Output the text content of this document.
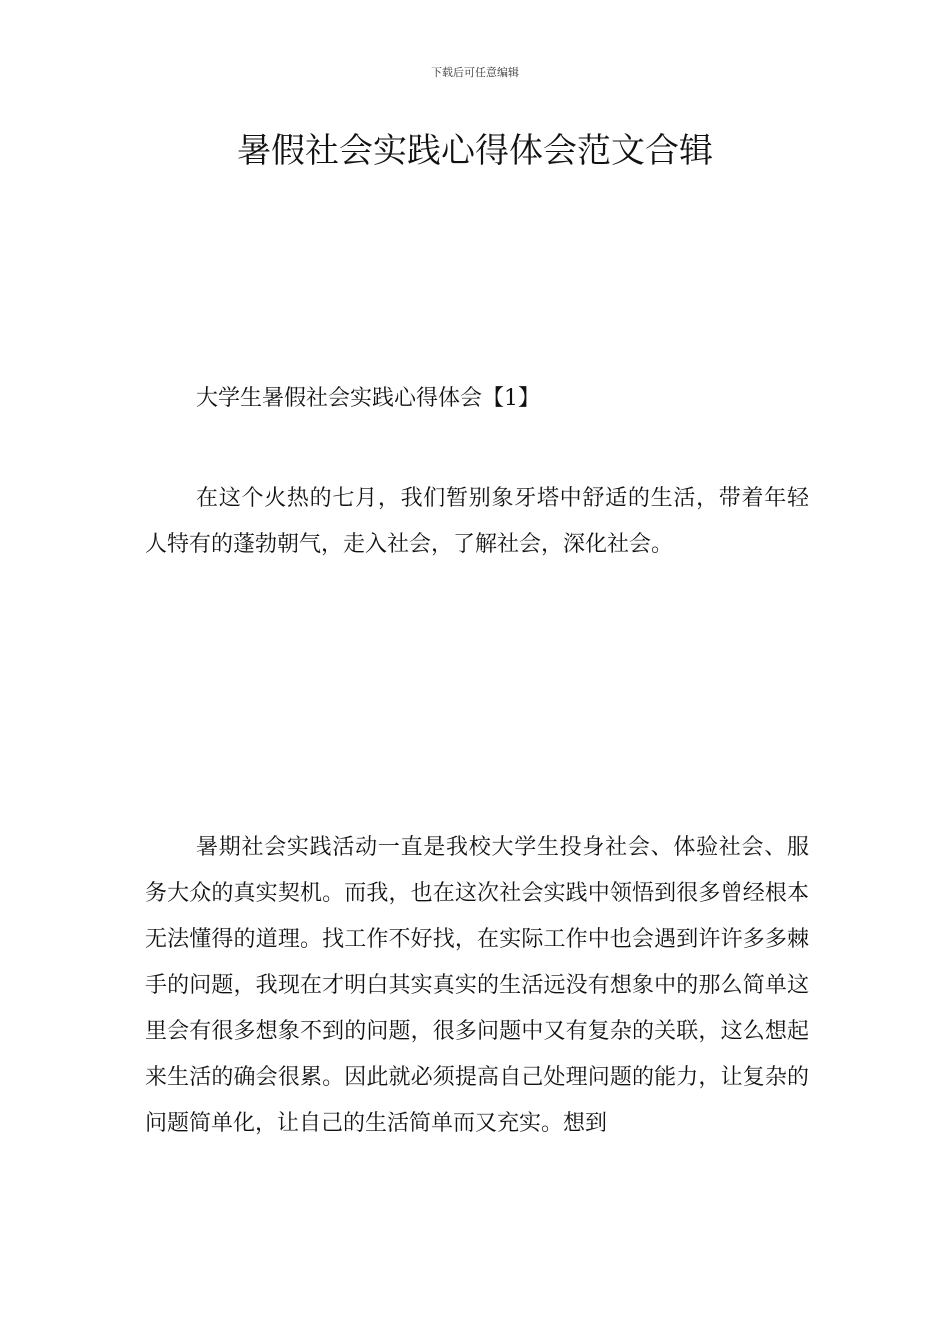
下载后可任意编辑
暑假社会实践心得体会范文合辑
大学生暑假社会实践心得体会【1】

在这个火热的七月，我们暂别象牙塔中舒适的生活，带着年轻人特有的蓬勃朝气，走入社会，了解社会，深化社会。

暑期社会实践活动一直是我校大学生投身社会、体验社会、服务大众的真实契机。而我，也在这次社会实践中领悟到很多曾经根本无法懂得的道理。找工作不好找，在实际工作中也会遇到许许多多棘手的问题，我现在才明白其实真实的生活远没有想象中的那么简单这里会有很多想象不到的问题，很多问题中又有复杂的关联，这么想起来生活的确会很累。因此就必须提高自己处理问题的能力，让复杂的问题简单化，让自己的生活简单而又充实。想到
